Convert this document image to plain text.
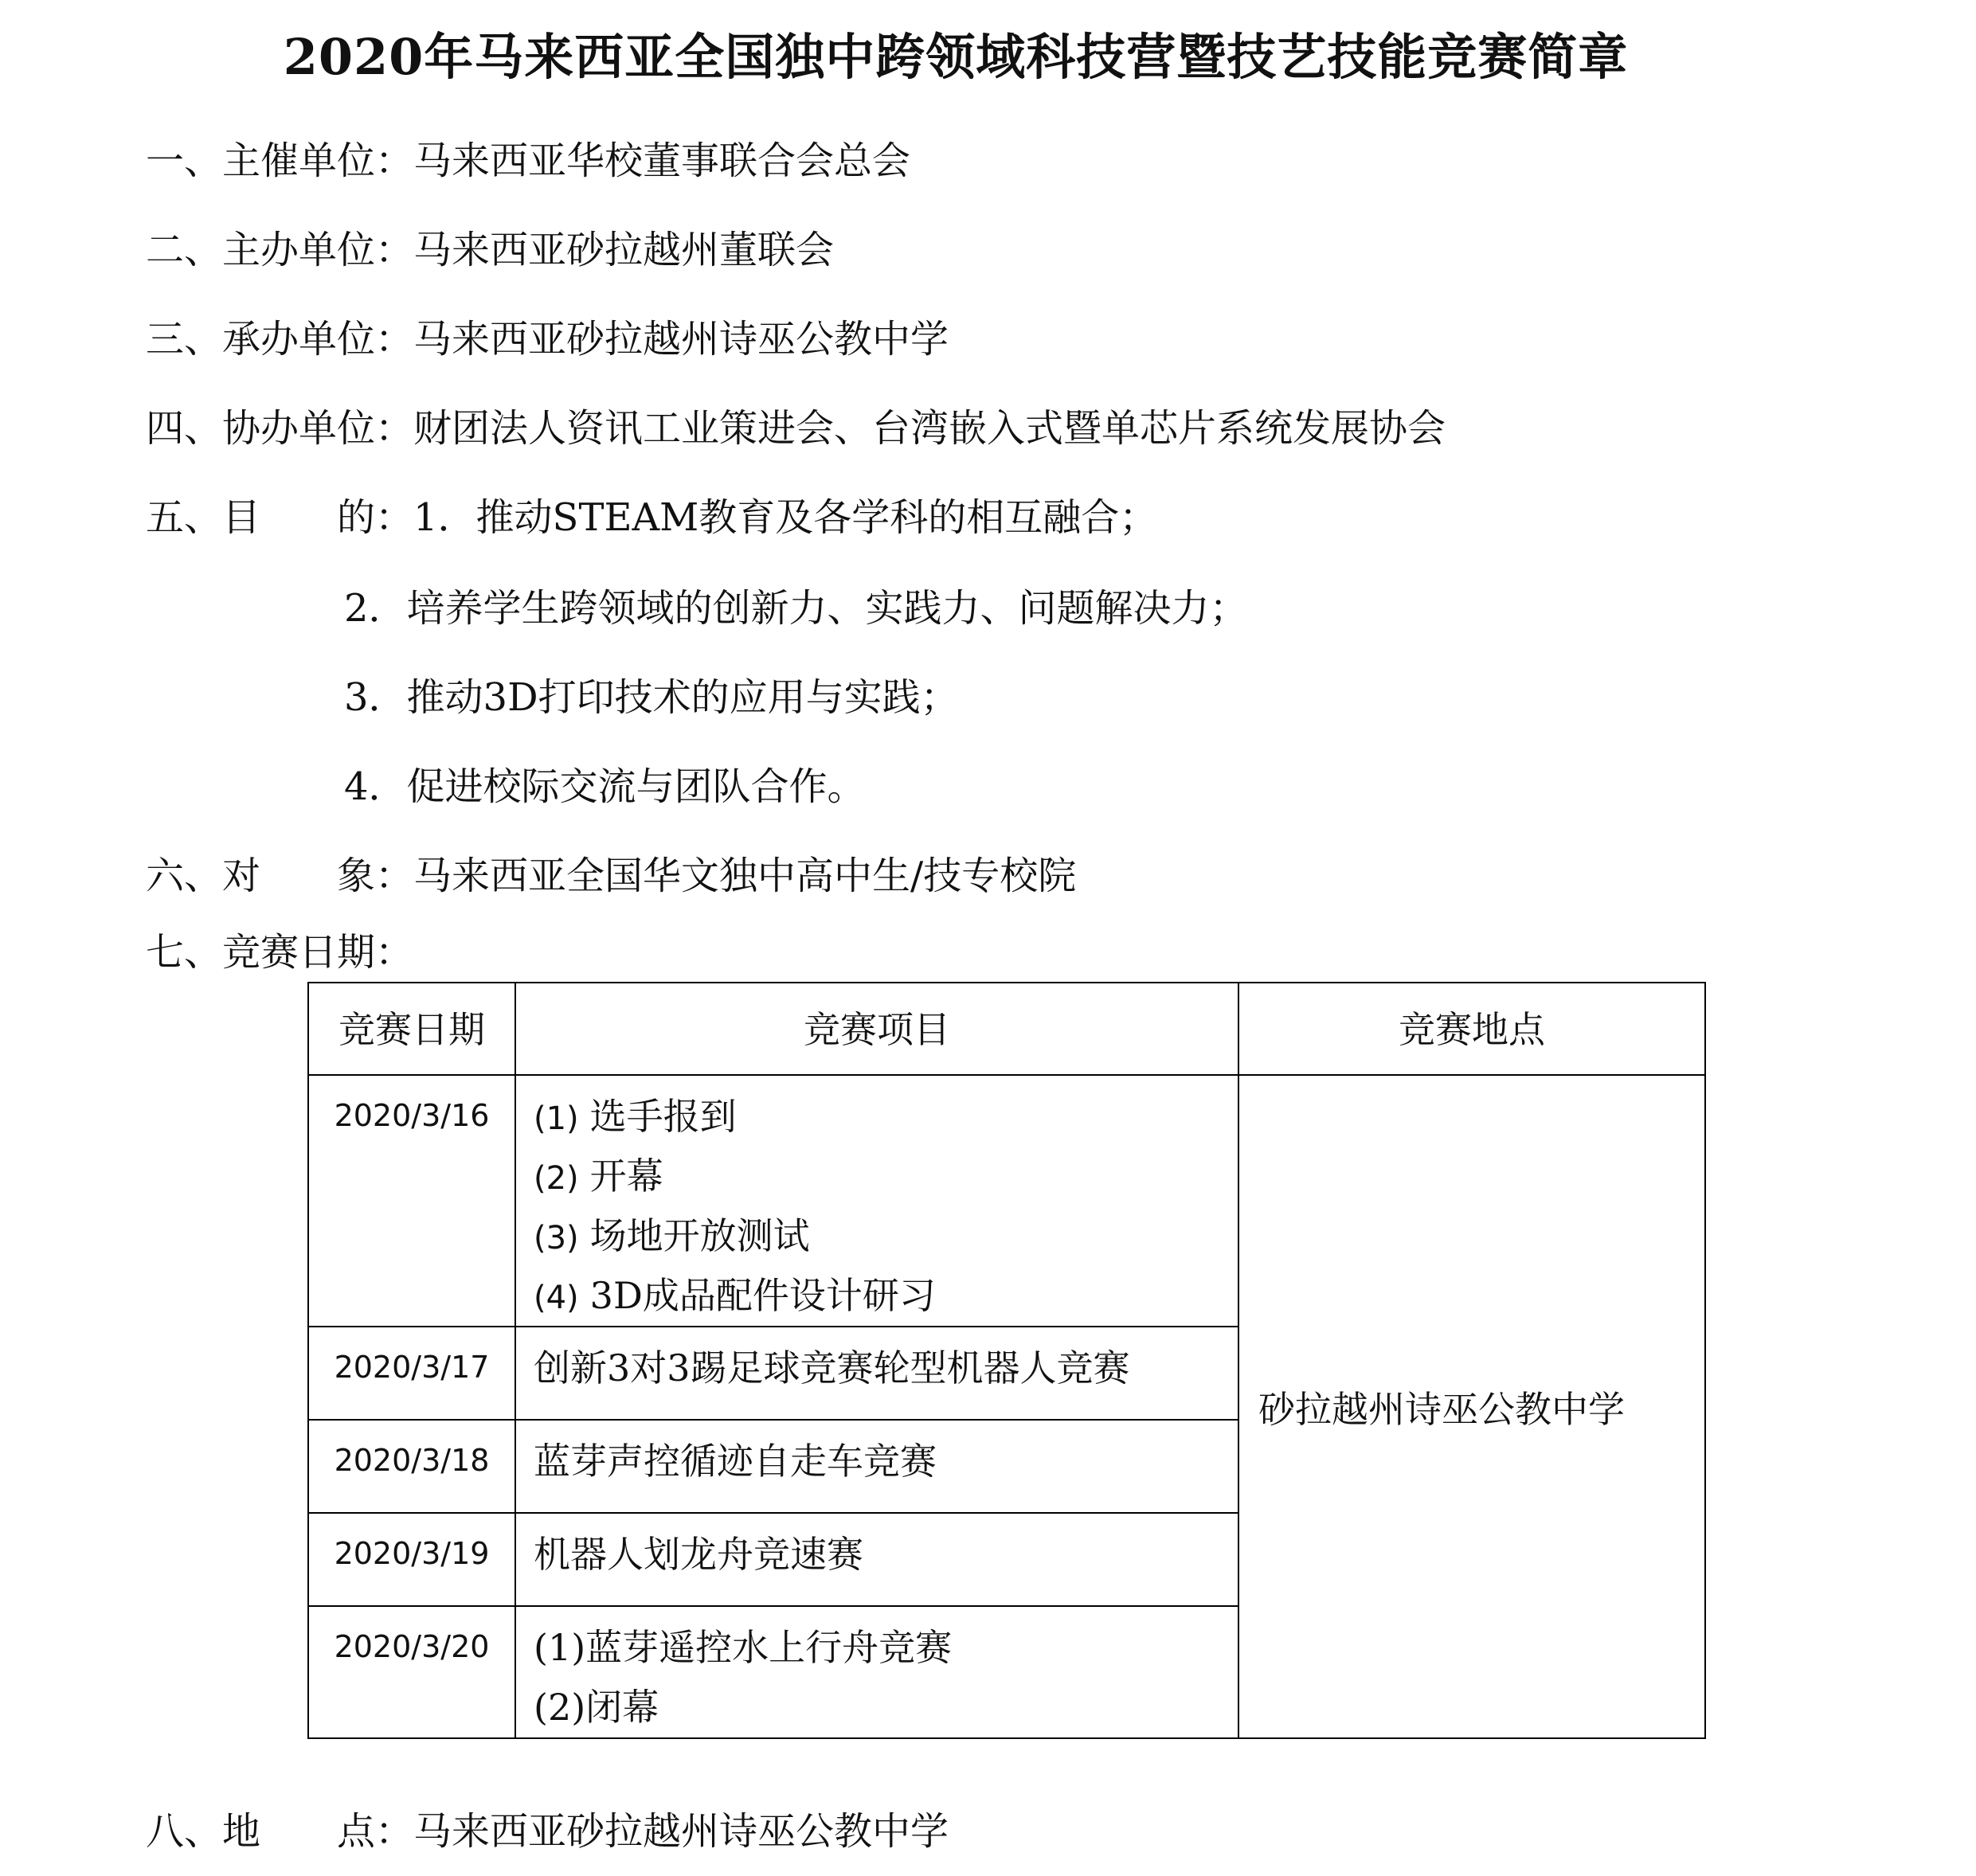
2020年马来西亚全国独中跨领域科技营暨技艺技能竞赛简章
一、主催单位：马来西亚华校董事联合会总会
二、主办单位：马来西亚砂拉越州董联会
三、承办单位：马来西亚砂拉越州诗巫公教中学
四、协办单位：财团法人资讯工业策进会、台湾嵌入式暨单芯片系统发展协会
五、目　　的：1．推动STEAM教育及各学科的相互融合；
2．培养学生跨领域的创新力、实践力、问题解决力；
3．推动3D打印技术的应用与实践；
4．促进校际交流与团队合作。
六、对　　象：马来西亚全国华文独中高中生/技专校院
七、竞赛日期：
竞赛日期	竞赛项目	竞赛地点
2020/3/16	(1) 选手报到
(2) 开幕
(3) 场地开放测试
(4) 3D成品配件设计研习	砂拉越州诗巫公教中学
2020/3/17	创新3对3踢足球竞赛轮型机器人竞赛	

2020/3/18	蓝芽声控循迹自走车竞赛	

2020/3/19	机器人划龙舟竞速赛	

2020/3/20	(1)蓝芽遥控水上行舟竞赛
(2)闭幕	
八、地　　点：马来西亚砂拉越州诗巫公教中学
